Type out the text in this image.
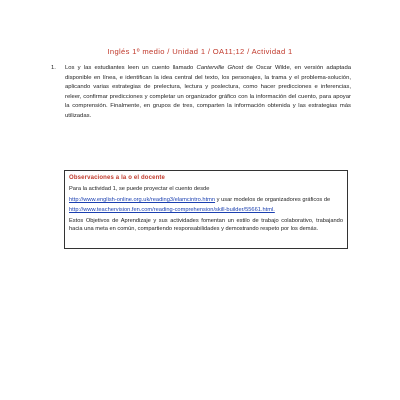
Inglés 1º medio / Unidad 1 / OA11;12 / Actividad 1
1. Los y las estudiantes leen un cuento llamado Canterville Ghost de Oscar Wilde, en versión adaptada disponible en línea, e identifican la idea central del texto, los personajes, la trama y el problema-solución, aplicando varias estrategias de prelectura, lectura y poslectura, como hacer predicciones e inferencias, releer, confirmar predicciones y completar un organizador gráfico con la información del cuento, para apoyar la comprensión. Finalmente, en grupos de tres, comparten la información obtenida y las estrategias más utilizadas.

Observaciones a la o el docente

Para la actividad 1, se puede proyectar el cuento desde

http://www.english-online.org.uk/reading3/elamcintro.htmn y usar modelos de organizadores gráficos de

http://www.teachervision.fen.com/reading-comprehension/skill-builder/55661.html.

Estos Objetivos de Aprendizaje y sus actividades fomentan un estilo de trabajo colaborativo, trabajando hacia una meta en común, compartiendo responsabilidades y demostrando respeto por los demás.
